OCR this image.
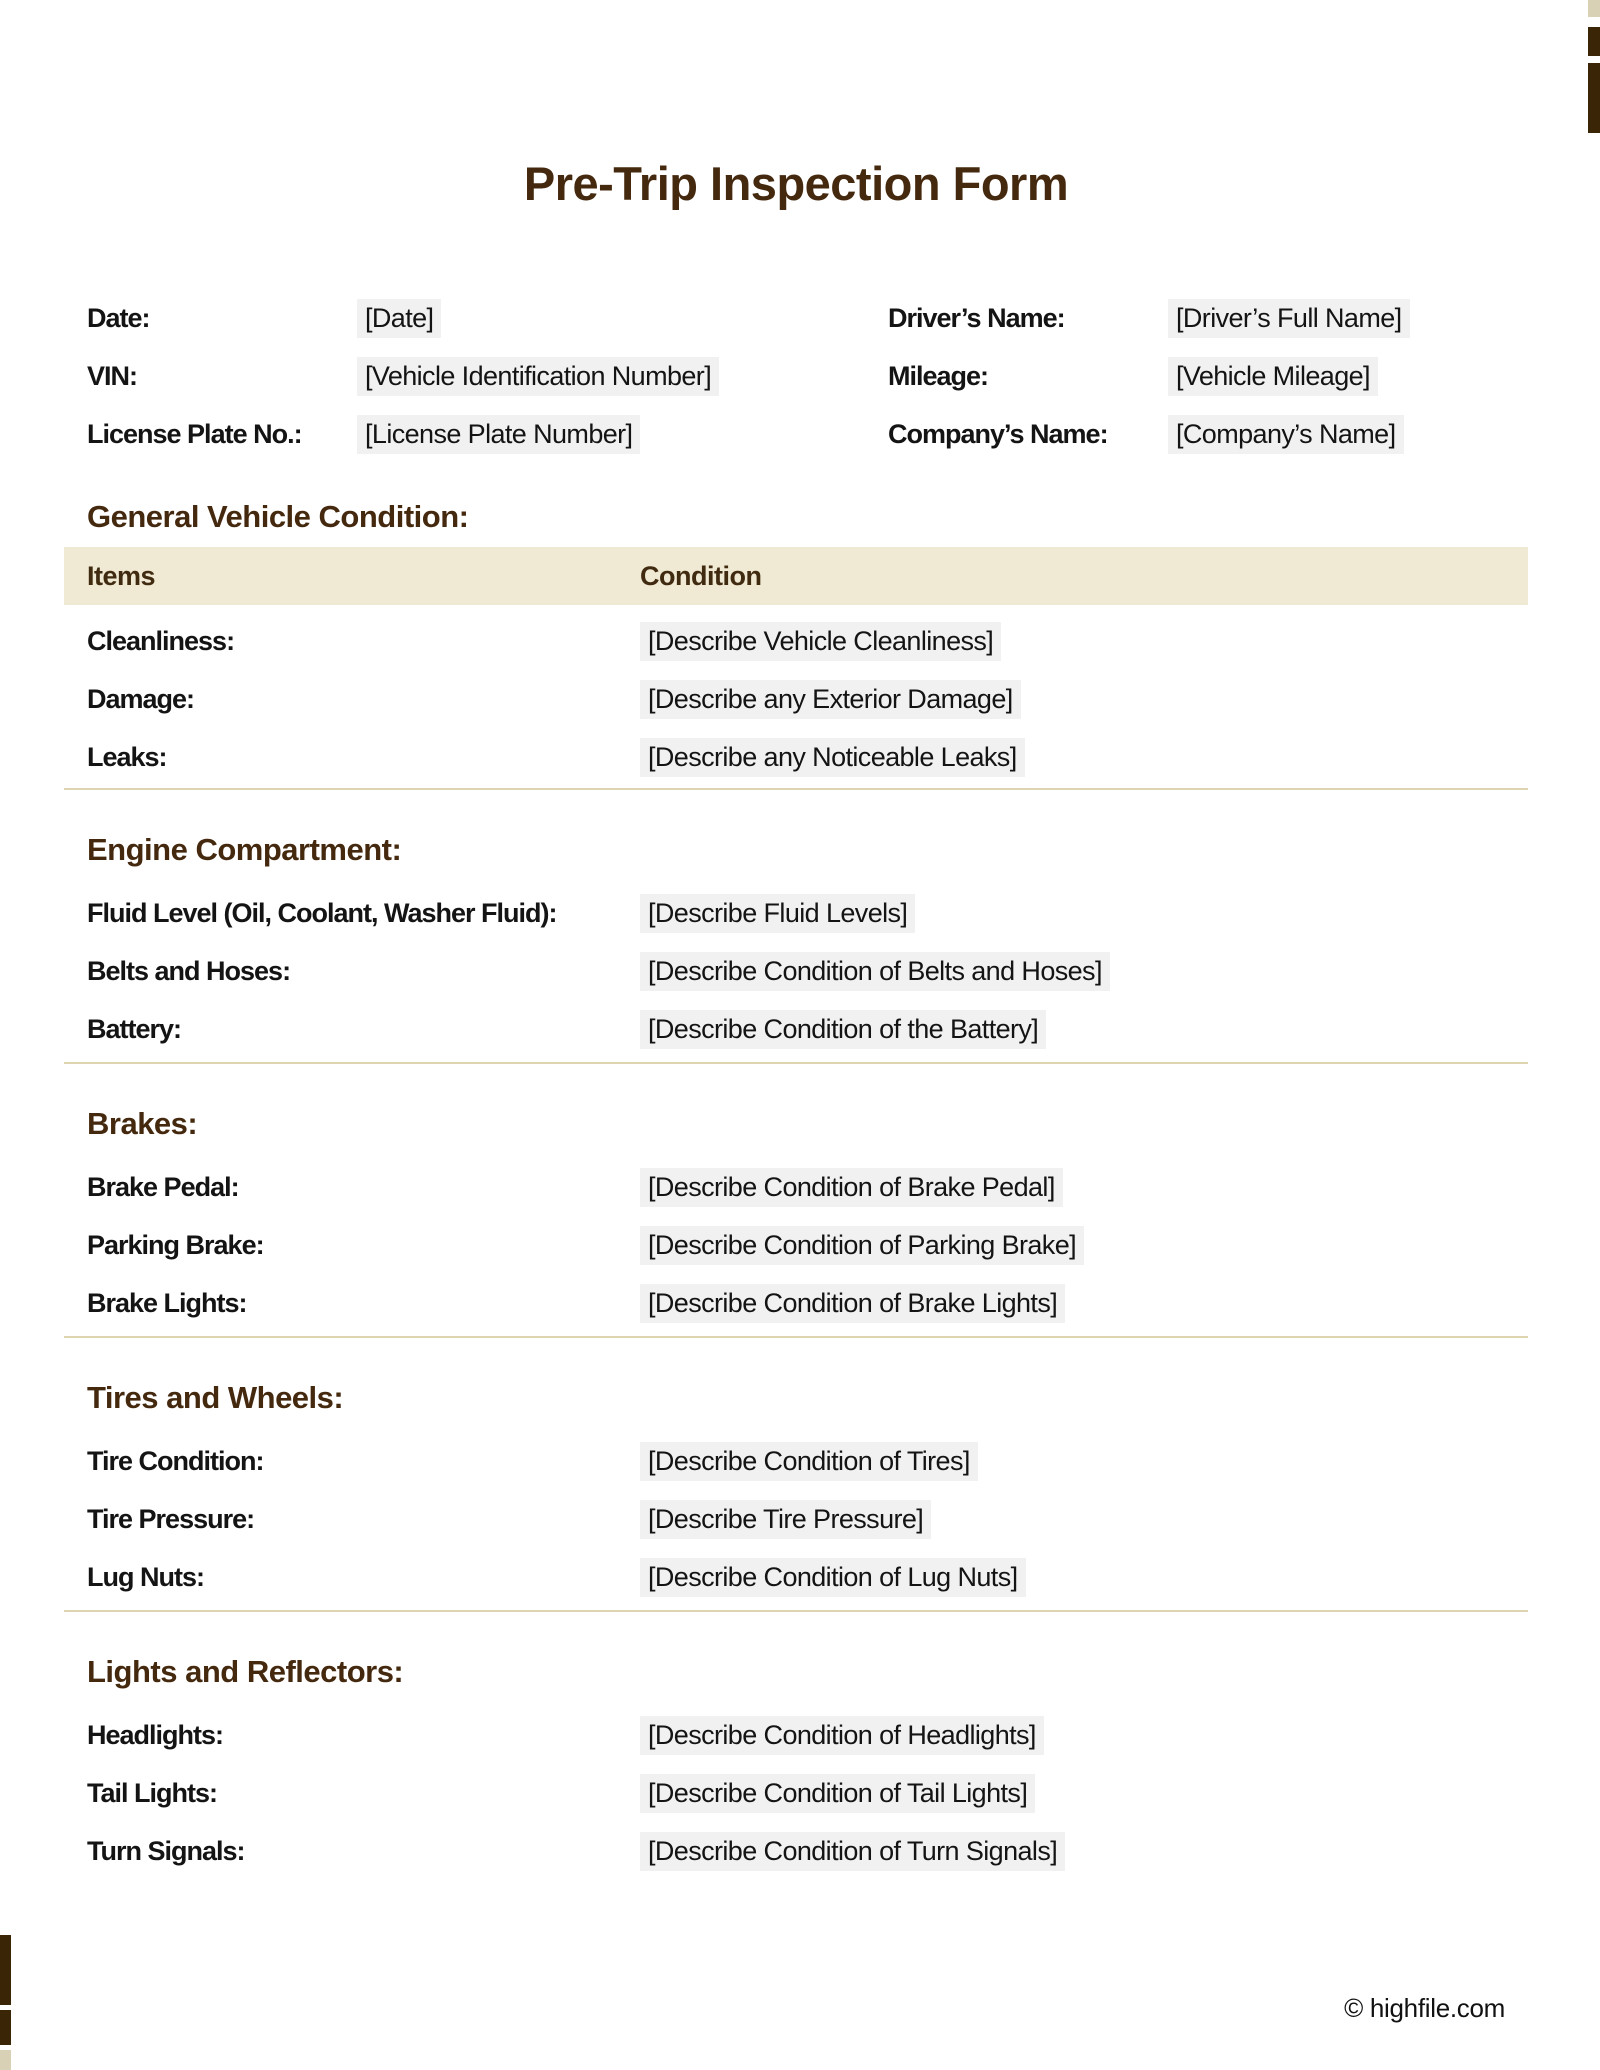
Pre-Trip Inspection Form
Date:	[Date]	Driver’s Name:	[Driver’s Full Name]
VIN:	[Vehicle Identification Number]	Mileage:	[Vehicle Mileage]
License Plate No.: [License Plate Number]	Company’s Name:	[Company’s Name]
General Vehicle Condition:
Items	Condition
Cleanliness:	[Describe Vehicle Cleanliness]
Damage:	[Describe any Exterior Damage]
Leaks:	[Describe any Noticeable Leaks]
Engine Compartment:
Fluid Level (Oil, Coolant, Washer Fluid):	[Describe Fluid Levels]
Belts and Hoses:	[Describe Condition of Belts and Hoses]
Battery:	[Describe Condition of the Battery]
Brakes:
Brake Pedal:	[Describe Condition of Brake Pedal]
Parking Brake:	[Describe Condition of Parking Brake]
Brake Lights:	[Describe Condition of Brake Lights]
Tires and Wheels:
Tire Condition:	[Describe Condition of Tires]
Tire Pressure:	[Describe Tire Pressure]
Lug Nuts:	[Describe Condition of Lug Nuts]
Lights and Reflectors:
Headlights:	[Describe Condition of Headlights]
Tail Lights:	[Describe Condition of Tail Lights]
Turn Signals:	[Describe Condition of Turn Signals]
© highfile.com
